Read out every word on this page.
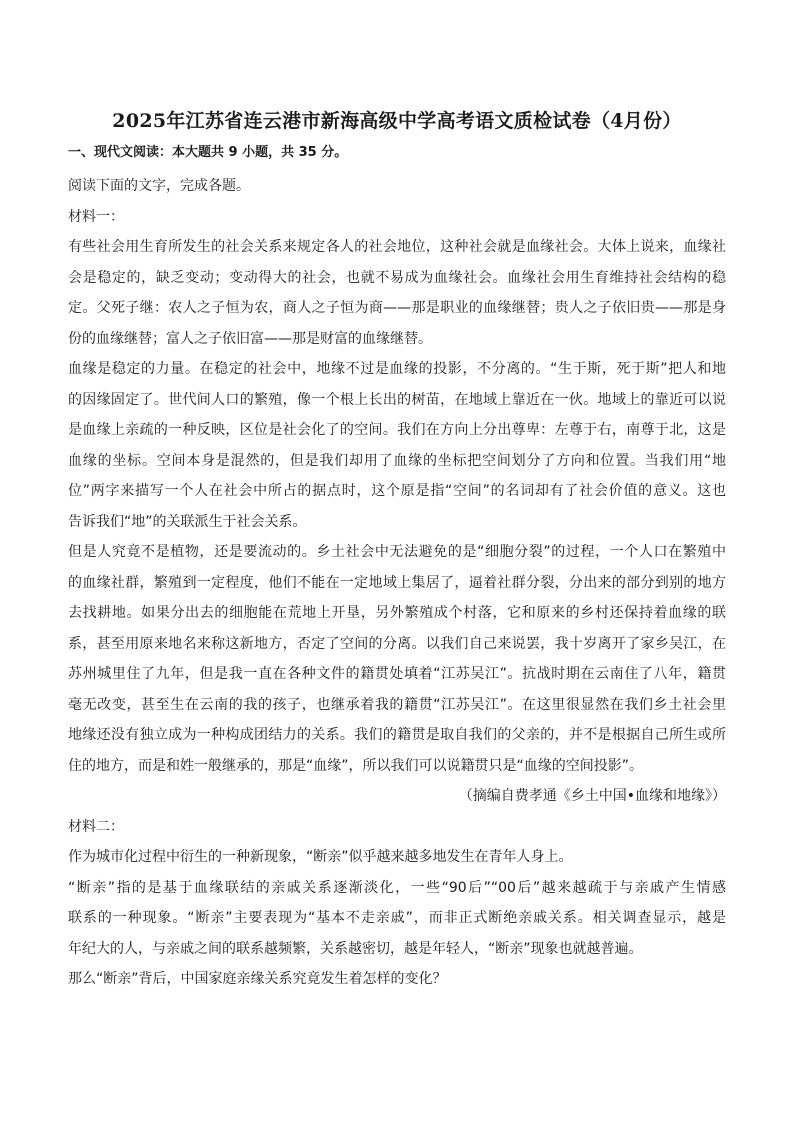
2025年江苏省连云港市新海高级中学高考语文质检试卷（4月份）
一、现代文阅读：本大题共 9 小题，共 35 分。
阅读下面的文字，完成各题。
材料一：
有些社会用生育所发生的社会关系来规定各人的社会地位，这种社会就是血缘社会。大体上说来，血缘社
会是稳定的，缺乏变动；变动得大的社会，也就不易成为血缘社会。血缘社会用生育维持社会结构的稳
定。父死子继：农人之子恒为农，商人之子恒为商——那是职业的血缘继替；贵人之子依旧贵——那是身
份的血缘继替；富人之子依旧富——那是财富的血缘继替。
血缘是稳定的力量。在稳定的社会中，地缘不过是血缘的投影，不分离的。“生于斯，死于斯”把人和地
的因缘固定了。世代间人口的繁殖，像一个根上长出的树苗，在地域上靠近在一伙。地域上的靠近可以说
是血缘上亲疏的一种反映，区位是社会化了的空间。我们在方向上分出尊卑：左尊于右，南尊于北，这是
血缘的坐标。空间本身是混然的，但是我们却用了血缘的坐标把空间划分了方向和位置。当我们用“地
位”两字来描写一个人在社会中所占的据点时，这个原是指“空间”的名词却有了社会价值的意义。这也
告诉我们“地”的关联派生于社会关系。
但是人究竟不是植物，还是要流动的。乡土社会中无法避免的是“细胞分裂”的过程，一个人口在繁殖中
的血缘社群，繁殖到一定程度，他们不能在一定地域上集居了，逼着社群分裂，分出来的部分到别的地方
去找耕地。如果分出去的细胞能在荒地上开垦，另外繁殖成个村落，它和原来的乡村还保持着血缘的联
系，甚至用原来地名来称这新地方，否定了空间的分离。以我们自己来说罢，我十岁离开了家乡吴江，在
苏州城里住了九年，但是我一直在各种文件的籍贯处填着“江苏吴江”。抗战时期在云南住了八年，籍贯
毫无改变，甚至生在云南的我的孩子，也继承着我的籍贯“江苏吴江”。在这里很显然在我们乡土社会里
地缘还没有独立成为一种构成团结力的关系。我们的籍贯是取自我们的父亲的，并不是根据自己所生或所
住的地方，而是和姓一般继承的，那是“血缘”，所以我们可以说籍贯只是“血缘的空间投影”。
（摘编自费孝通《乡土中国•血缘和地缘》）
材料二：
作为城市化过程中衍生的一种新现象，“断亲”似乎越来越多地发生在青年人身上。
“断亲”指的是基于血缘联结的亲戚关系逐渐淡化，一些“90后”“00后”越来越疏于与亲戚产生情感
联系的一种现象。“断亲”主要表现为“基本不走亲戚”，而非正式断绝亲戚关系。相关调查显示，越是
年纪大的人，与亲戚之间的联系越频繁，关系越密切，越是年轻人，“断亲”现象也就越普遍。
那么“断亲”背后，中国家庭亲缘关系究竟发生着怎样的变化？
